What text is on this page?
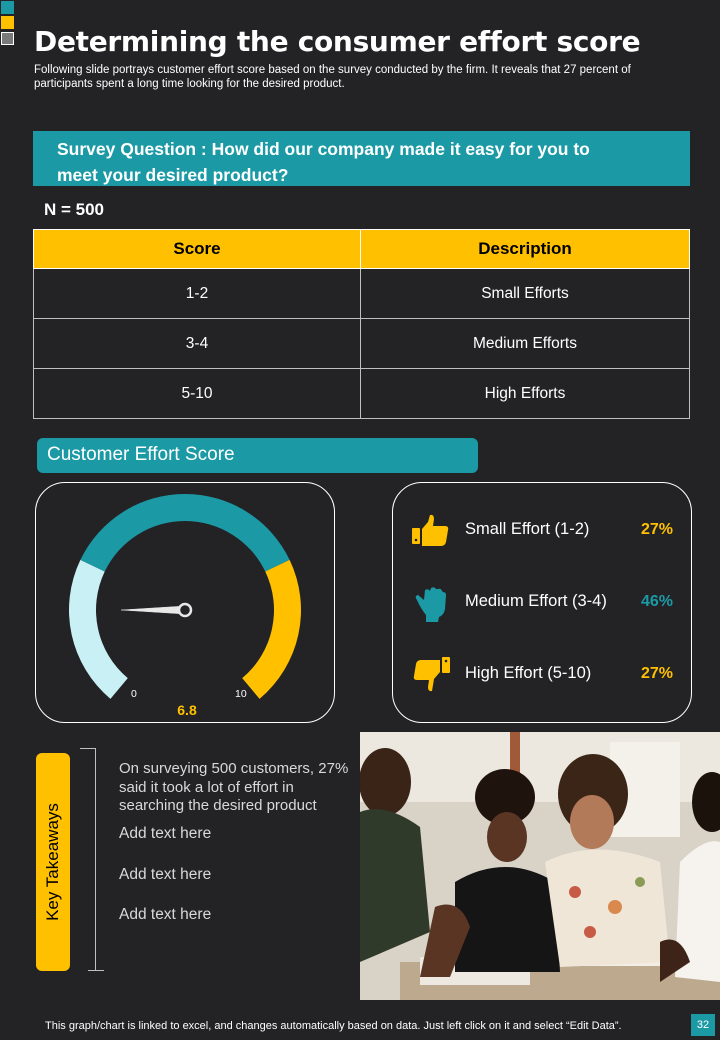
Determining the consumer effort score
Following slide portrays customer effort score based on the survey conducted by the firm. It reveals that 27 percent of participants spent a long time looking for the desired product.
Survey Question : How did our company made it easy for you to
meet your desired product?
N = 500
Score	Description
1-2	Small Efforts
3-4	Medium Efforts
5-10	High Efforts
Customer Effort Score
0	10
6.8
Small Effort (1-2)	27%
Medium Effort (3-4) 46%
High Effort (5-10)	27%
Key Takeaways
On surveying 500 customers, 27% said it took a lot of effort in searching the desired product
Add text here
Add text here
Add text here
This graph/chart is linked to excel, and changes automatically based on data. Just left click on it and select “Edit Data”.	32
